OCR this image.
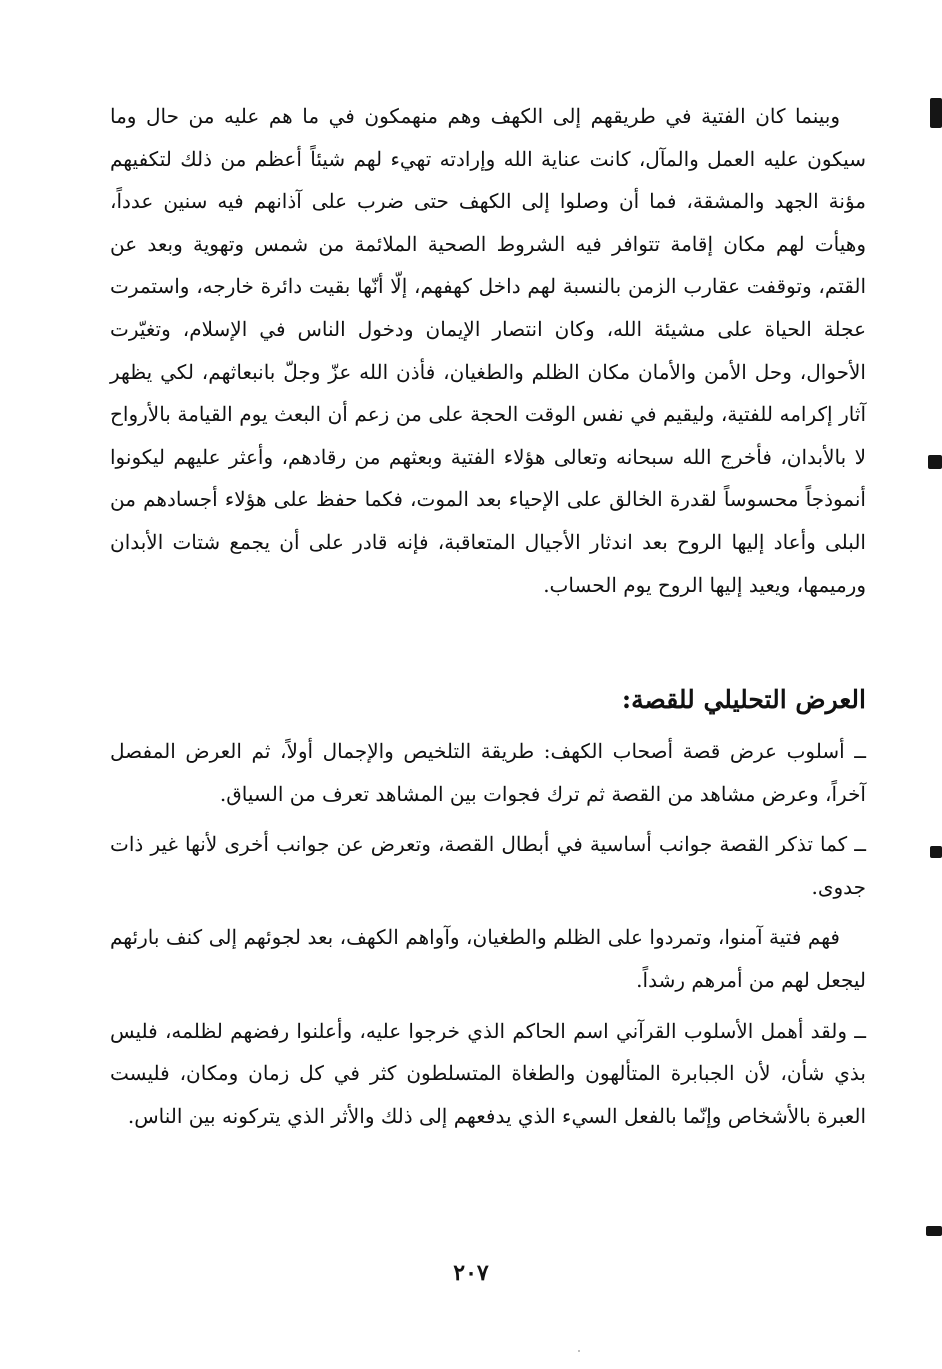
وبينما كان الفتية في طريقهم إلى الكهف وهم منهمكون في ما هم عليه من حال وما سيكون عليه العمل والمآل، كانت عناية الله وإرادته تهيء لهم شيئاً أعظم من ذلك لتكفيهم مؤنة الجهد والمشقة، فما أن وصلوا إلى الكهف حتى ضرب على آذانهم فيه سنين عدداً، وهيأت لهم مكان إقامة تتوافر فيه الشروط الصحية الملائمة من شمس وتهوية وبعد عن القتم، وتوقفت عقارب الزمن بالنسبة لهم داخل كهفهم، إلّا أنّها بقيت دائرة خارجه، واستمرت عجلة الحياة على مشيئة الله، وكان انتصار الإيمان ودخول الناس في الإسلام، وتغيّرت الأحوال، وحل الأمن والأمان مكان الظلم والطغيان، فأذن الله عزّ وجلّ بانبعاثهم، لكي يظهر آثار إكرامه للفتية، وليقيم في نفس الوقت الحجة على من زعم أن البعث يوم القيامة بالأرواح لا بالأبدان، فأخرج الله سبحانه وتعالى هؤلاء الفتية وبعثهم من رقادهم، وأعثر عليهم ليكونوا أنموذجاً محسوساً لقدرة الخالق على الإحياء بعد الموت، فكما حفظ على هؤلاء أجسادهم من البلى وأعاد إليها الروح بعد اندثار الأجيال المتعاقبة، فإنه قادر على أن يجمع شتات الأبدان ورميمها، ويعيد إليها الروح يوم الحساب.

العرض التحليلي للقصة:

ــ أسلوب عرض قصة أصحاب الكهف: طريقة التلخيص والإجمال أولاً، ثم العرض المفصل آخراً، وعرض مشاهد من القصة ثم ترك فجوات بين المشاهد تعرف من السياق.

ــ كما تذكر القصة جوانب أساسية في أبطال القصة، وتعرض عن جوانب أخرى لأنها غير ذات جدوى.

فهم فتية آمنوا، وتمردوا على الظلم والطغيان، وآواهم الكهف، بعد لجوئهم إلى كنف بارئهم ليجعل لهم من أمرهم رشداً.

ــ ولقد أهمل الأسلوب القرآني اسم الحاكم الذي خرجوا عليه، وأعلنوا رفضهم لظلمه، فليس بذي شأن، لأن الجبابرة المتألهون والطغاة المتسلطون كثر في كل زمان ومكان، فليست العبرة بالأشخاص وإنّما بالفعل السيء الذي يدفعهم إلى ذلك والأثر الذي يتركونه بين الناس.

٢٠٧
